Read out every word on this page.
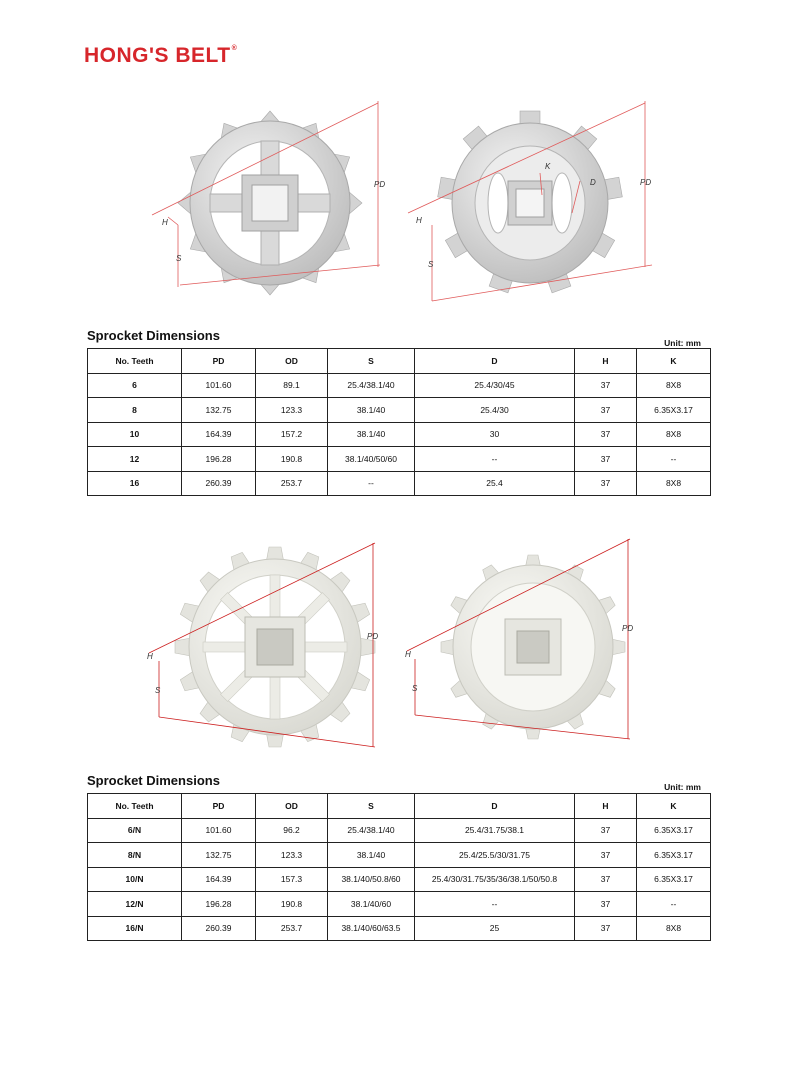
HONG'S BELT®
H
S
PD
H
S
PD
K
D
Sprocket Dimensions	Unit: mm
No. Teeth	PD	OD	S	D	H	K
6	101.60	89.1	25.4/38.1/40	25.4/30/45	37	8X8
8	132.75	123.3	38.1/40	25.4/30	37	6.35X3.17
10	164.39	157.2	38.1/40	30	37	8X8
12	196.28	190.8	38.1/40/50/60	--	37	--
16	260.39	253.7	--	25.4	37	8X8
H
S
PD
H
S
PD
Sprocket Dimensions	Unit: mm
No. Teeth	PD	OD	S	D	H	K
6/N	101.60	96.2	25.4/38.1/40	25.4/31.75/38.1	37	6.35X3.17
8/N	132.75	123.3	38.1/40	25.4/25.5/30/31.75	37	6.35X3.17
10/N	164.39	157.3	38.1/40/50.8/60	25.4/30/31.75/35/36/38.1/50/50.8	37	6.35X3.17
12/N	196.28	190.8	38.1/40/60	--	37	--
16/N	260.39	253.7	38.1/40/60/63.5	25	37	8X8
